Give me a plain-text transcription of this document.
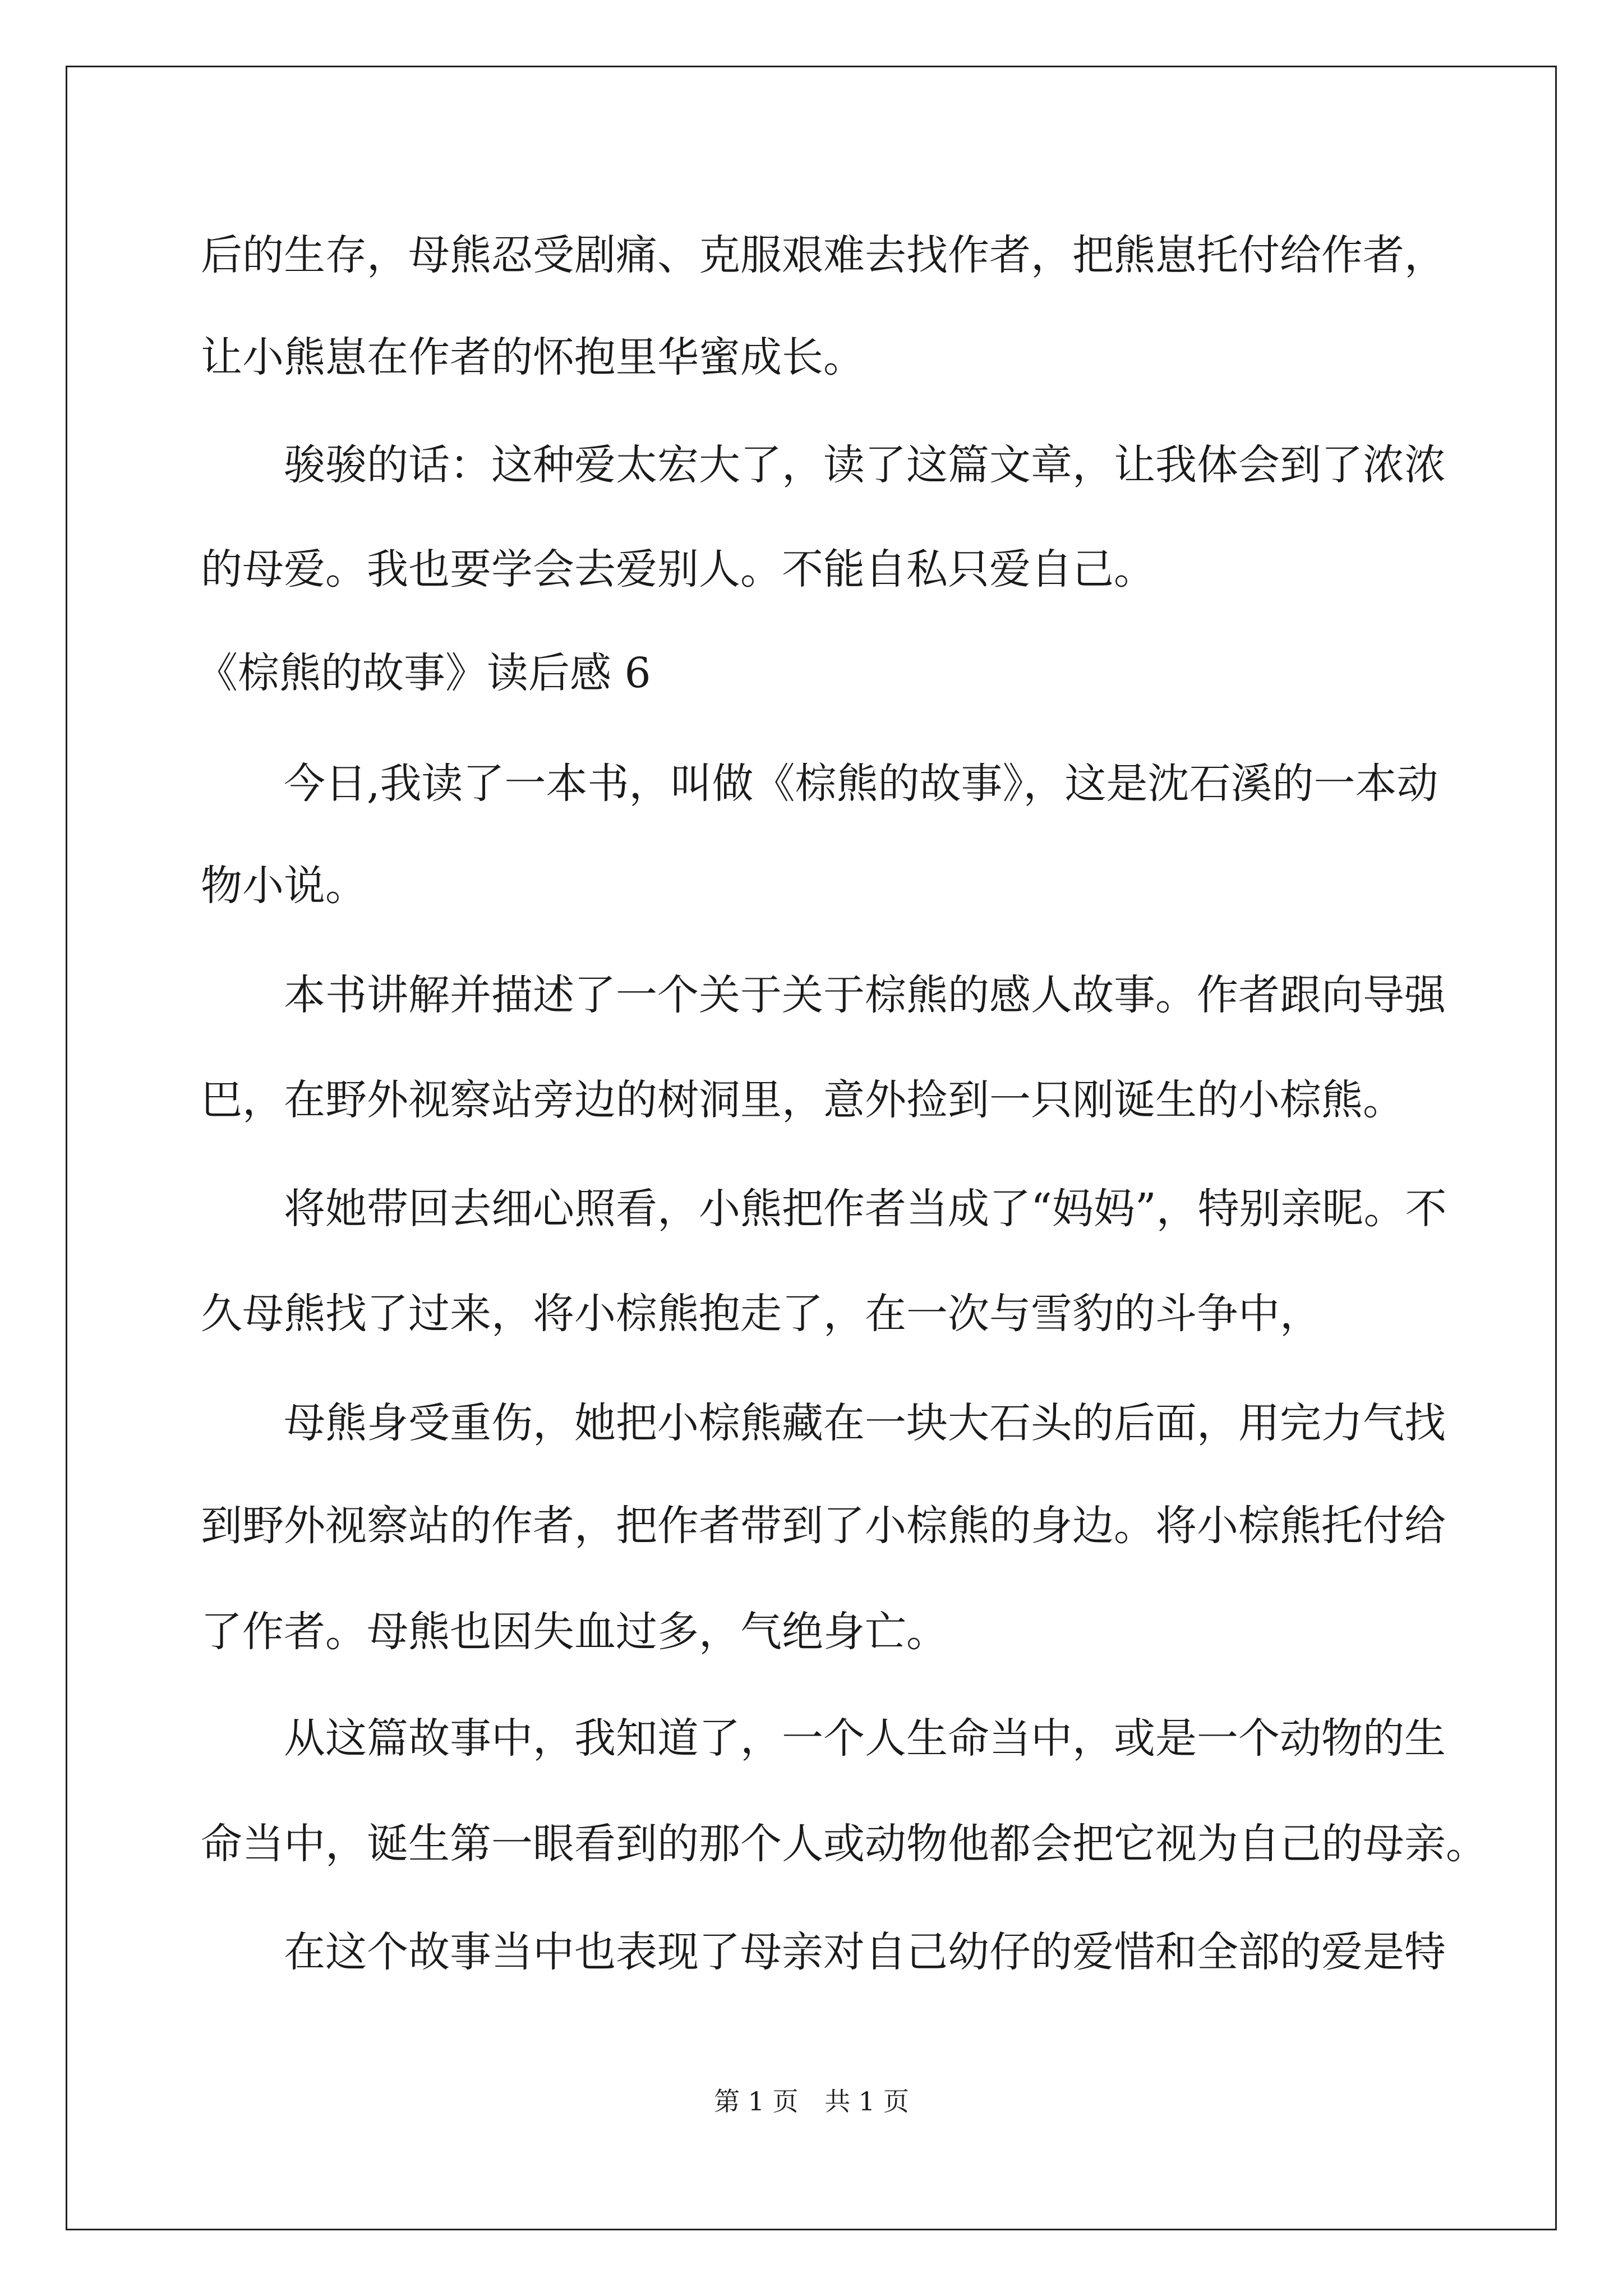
后的生存，母熊忍受剧痛、克服艰难去找作者，把熊崽托付给作者，
让小熊崽在作者的怀抱里华蜜成长。
骏骏的话：这种爱太宏大了，读了这篇文章，让我体会到了浓浓
的母爱。我也要学会去爱别人。不能自私只爱自己。
《棕熊的故事》读后感 6
今日,我读了一本书，叫做《棕熊的故事》，这是沈石溪的一本动
物小说。
本书讲解并描述了一个关于关于棕熊的感人故事。作者跟向导强
巴，在野外视察站旁边的树洞里，意外捡到一只刚诞生的小棕熊。
将她带回去细心照看，小熊把作者当成了“妈妈”，特别亲昵。不
久母熊找了过来，将小棕熊抱走了，在一次与雪豹的斗争中，
母熊身受重伤，她把小棕熊藏在一块大石头的后面，用完力气找
到野外视察站的作者，把作者带到了小棕熊的身边。将小棕熊托付给
了作者。母熊也因失血过多，气绝身亡。
从这篇故事中，我知道了，一个人生命当中，或是一个动物的生
命当中，诞生第一眼看到的那个人或动物他都会把它视为自己的母亲。
在这个故事当中也表现了母亲对自己幼仔的爱惜和全部的爱是特
第 1 页 共 1 页
